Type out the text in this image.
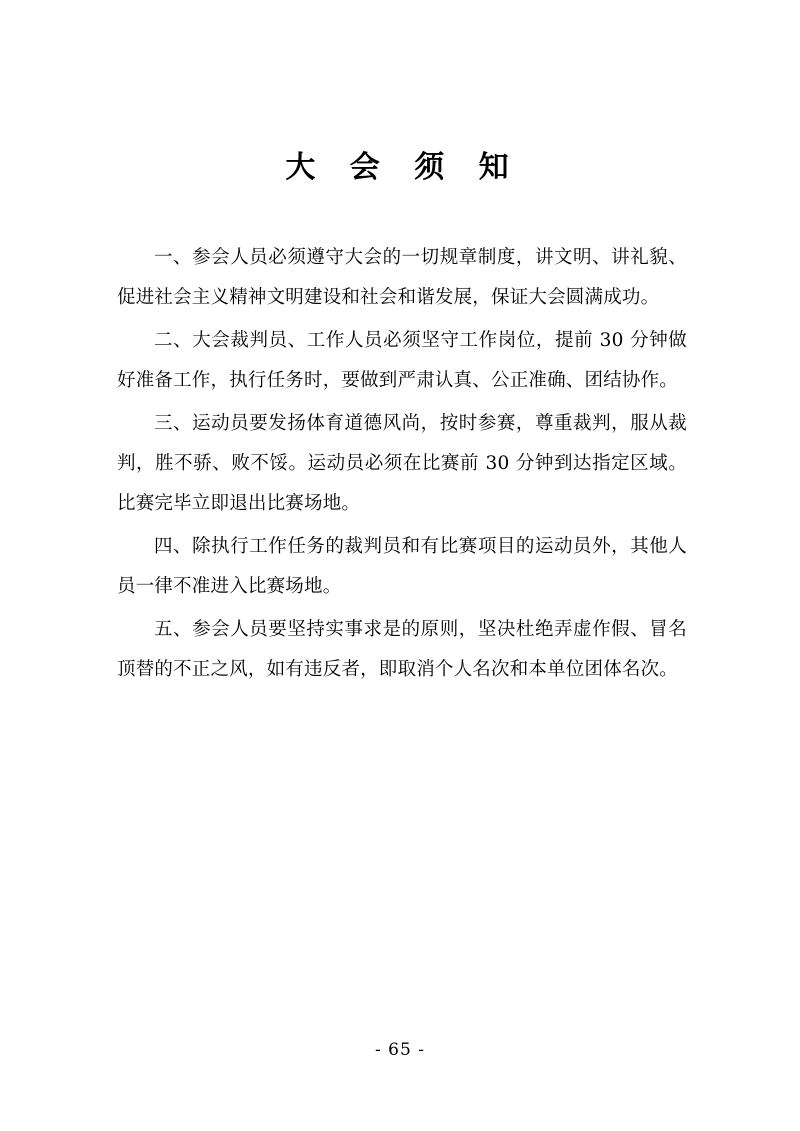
大 会 须 知

一、参会人员必须遵守大会的一切规章制度，讲文明、讲礼貌、促进社会主义精神文明建设和社会和谐发展，保证大会圆满成功。

二、大会裁判员、工作人员必须坚守工作岗位，提前 30 分钟做好准备工作，执行任务时，要做到严肃认真、公正准确、团结协作。

三、运动员要发扬体育道德风尚，按时参赛，尊重裁判，服从裁判，胜不骄、败不馁。运动员必须在比赛前 30 分钟到达指定区域。比赛完毕立即退出比赛场地。

四、除执行工作任务的裁判员和有比赛项目的运动员外，其他人员一律不准进入比赛场地。

五、参会人员要坚持实事求是的原则，坚决杜绝弄虚作假、冒名顶替的不正之风，如有违反者，即取消个人名次和本单位团体名次。

- 65 -
